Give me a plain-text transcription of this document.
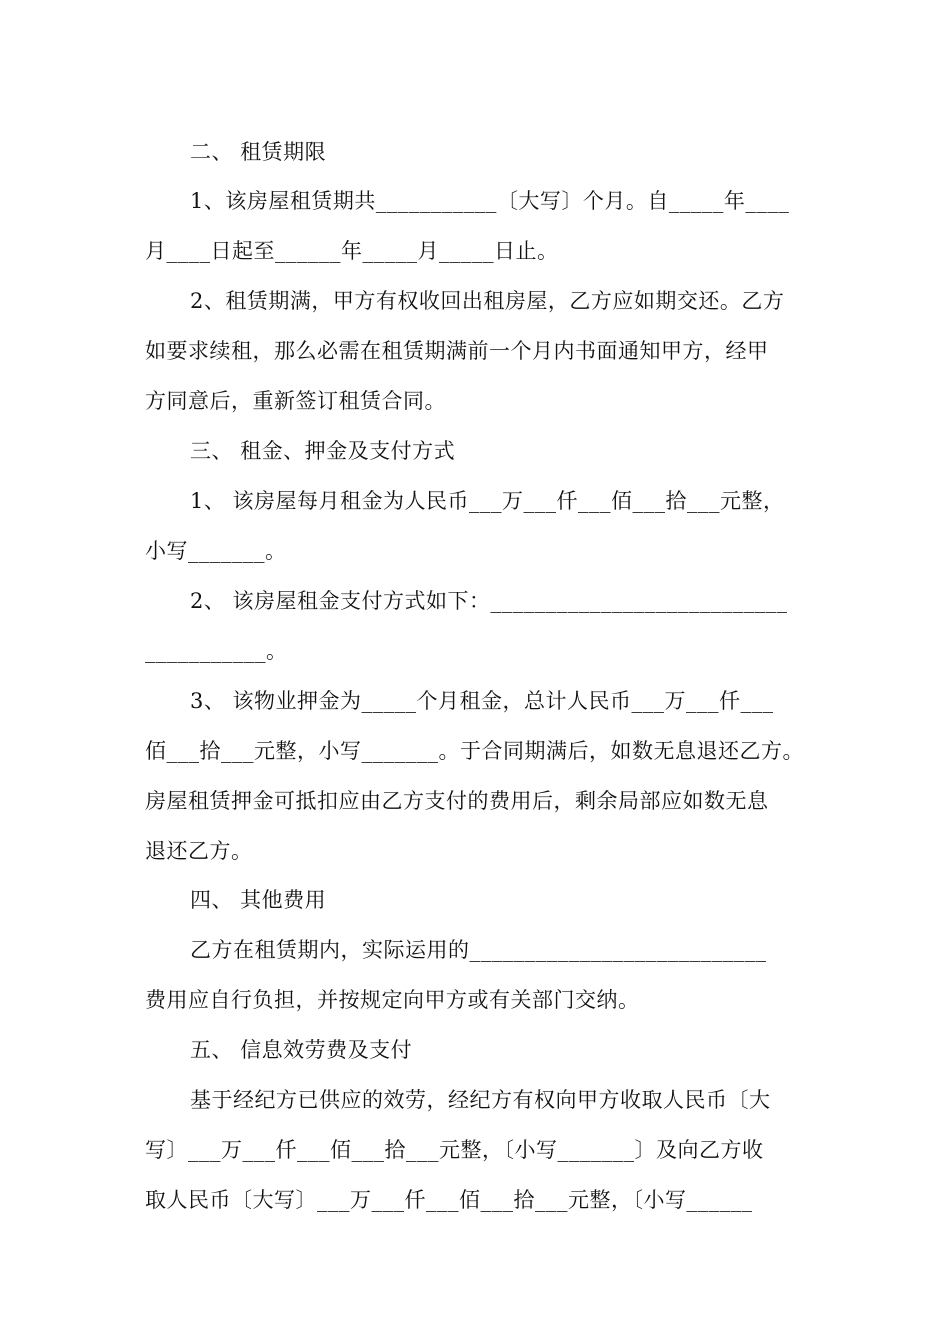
二、 租赁期限
1、该房屋租赁期共___________〔大写〕个月。自_____年____
月____日起至______年_____月_____日止。
2、租赁期满，甲方有权收回出租房屋，乙方应如期交还。乙方
如要求续租，那么必需在租赁期满前一个月内书面通知甲方，经甲
方同意后，重新签订租赁合同。
三、 租金、押金及支付方式
1、 该房屋每月租金为人民币___万___仟___佰___拾___元整，
小写_______。
2、 该房屋租金支付方式如下：___________________________
___________。
3、 该物业押金为_____个月租金，总计人民币___万___仟___
佰___拾___元整，小写_______。于合同期满后，如数无息退还乙方。
房屋租赁押金可抵扣应由乙方支付的费用后，剩余局部应如数无息
退还乙方。
四、 其他费用
乙方在租赁期内，实际运用的___________________________
费用应自行负担，并按规定向甲方或有关部门交纳。
五、 信息效劳费及支付
基于经纪方已供应的效劳，经纪方有权向甲方收取人民币〔大
写〕___万___仟___佰___拾___元整，〔小写_______〕及向乙方收
取人民币〔大写〕___万___仟___佰___拾___元整，〔小写______
